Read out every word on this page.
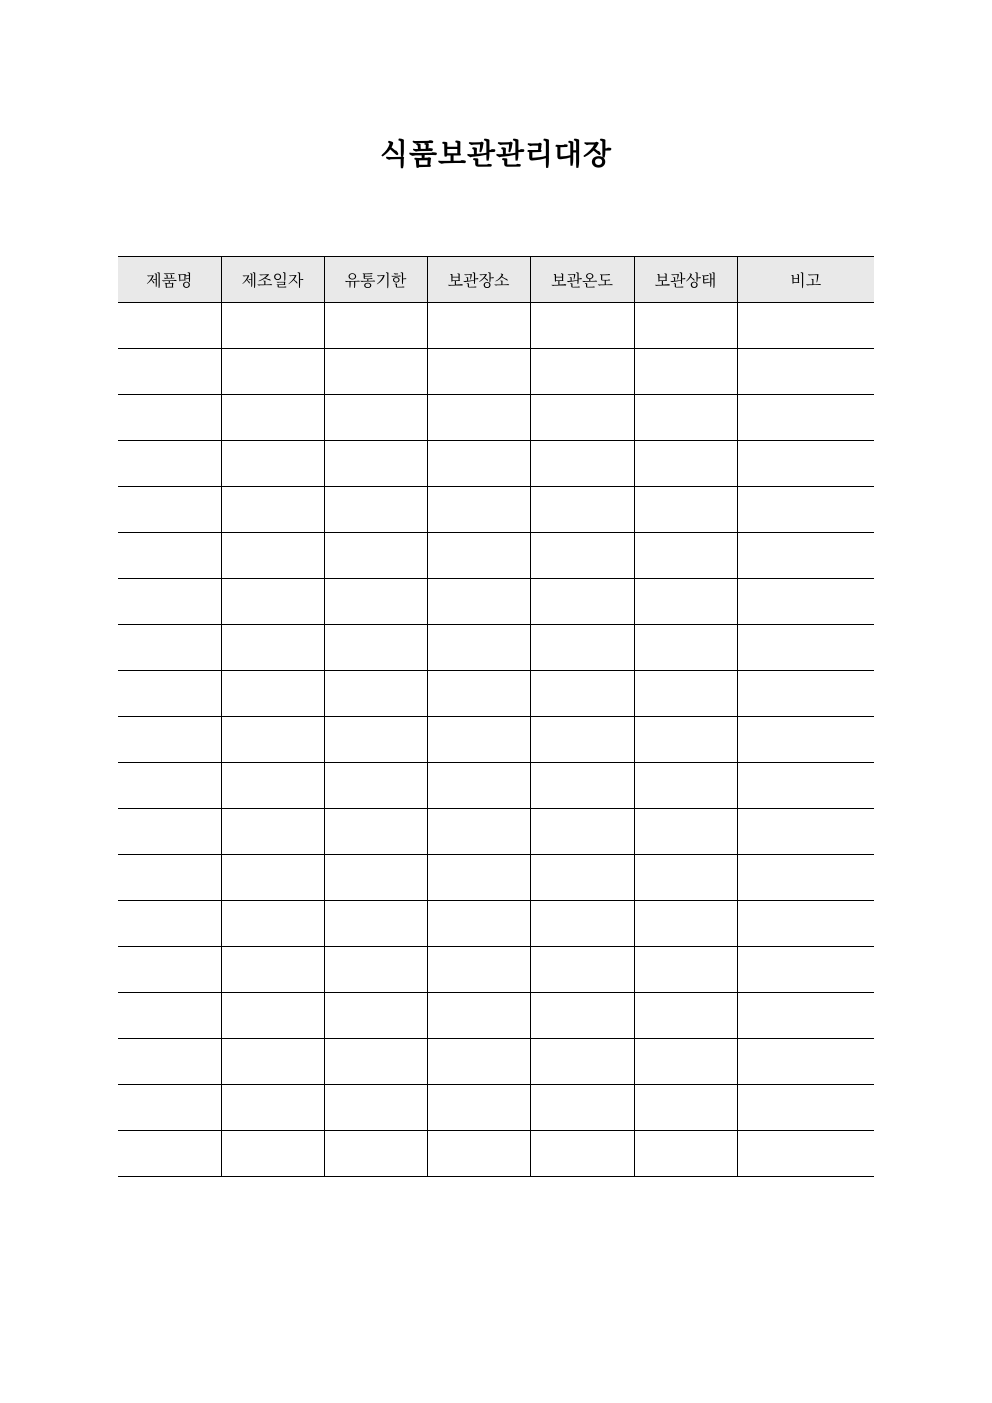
식품보관관리대장
제품명	제조일자	유통기한	보관장소	보관온도	보관상태	비고
